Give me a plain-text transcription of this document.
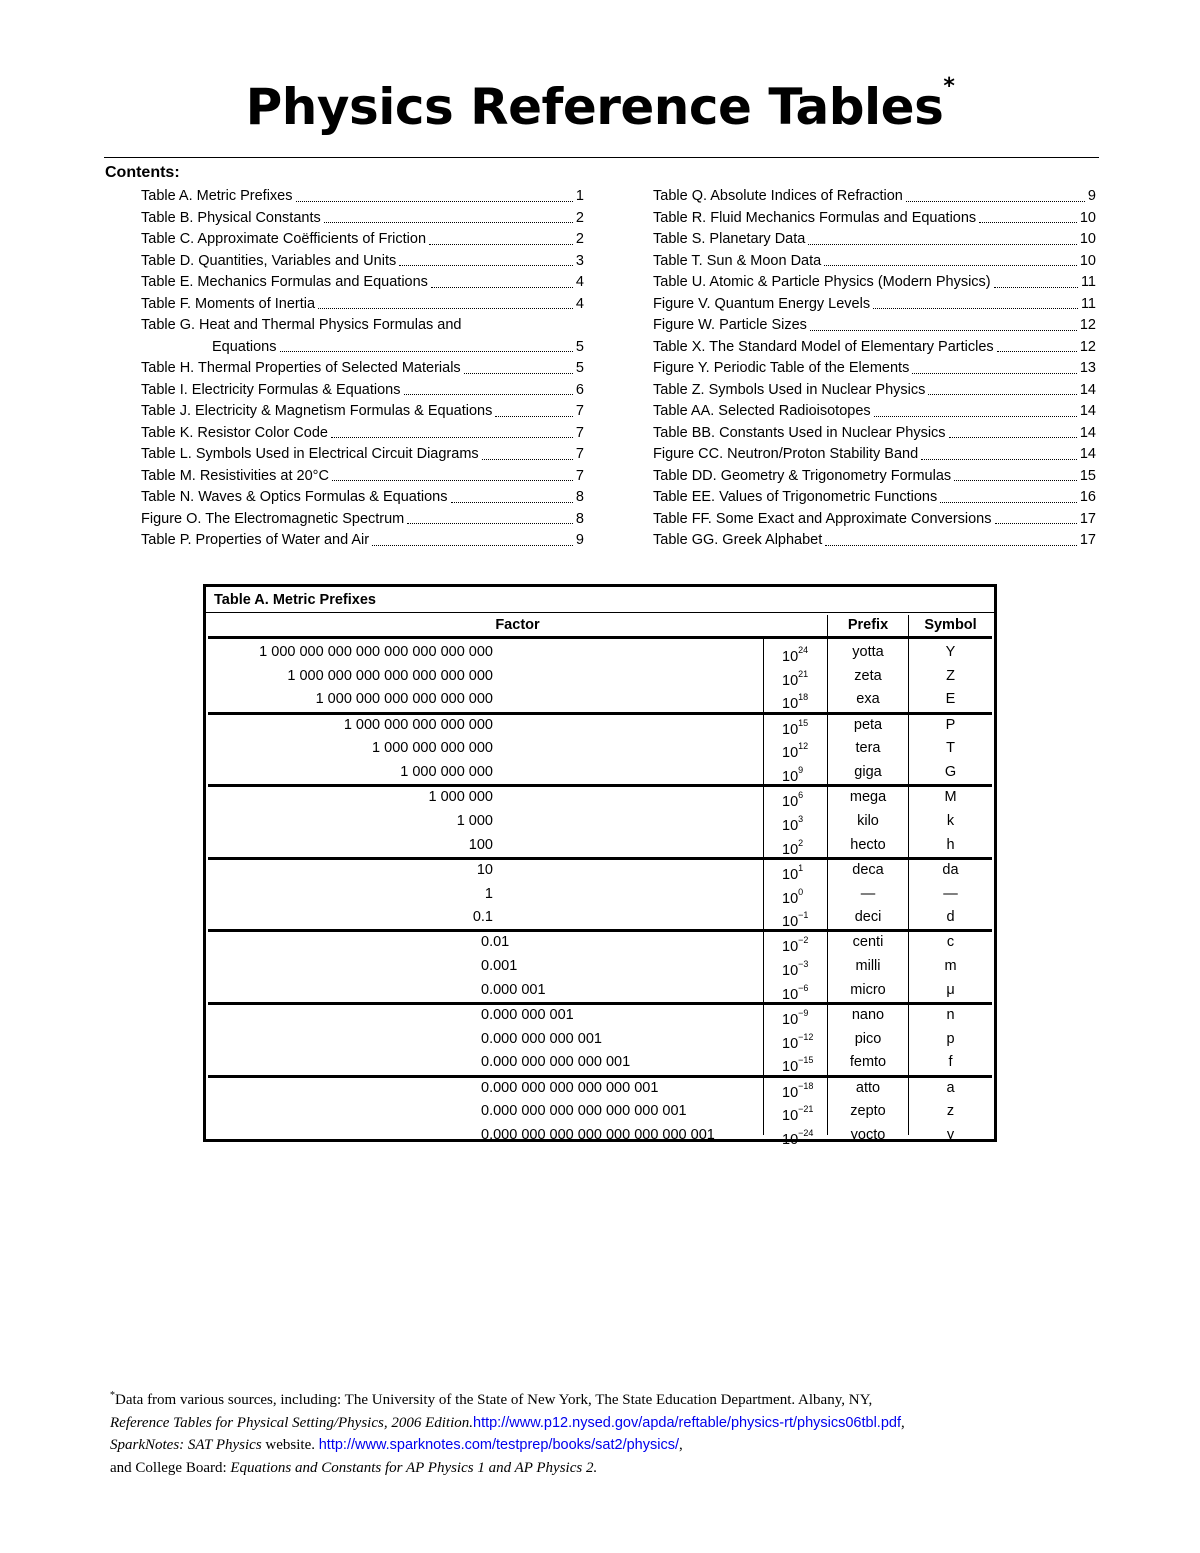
Physics Reference Tables*
Contents:
Table A. Metric Prefixes	1
Table B. Physical Constants	2
Table C. Approximate Coëfficients of Friction	2
Table D. Quantities, Variables and Units	3
Table E. Mechanics Formulas and Equations	4
Table F. Moments of Inertia	4
Table G. Heat and Thermal Physics Formulas and
Equations	5
Table H. Thermal Properties of Selected Materials	5
Table I. Electricity Formulas & Equations	6
Table J. Electricity & Magnetism Formulas & Equations	7
Table K. Resistor Color Code	7
Table L. Symbols Used in Electrical Circuit Diagrams	7
Table M. Resistivities at 20°C	7
Table N. Waves & Optics Formulas & Equations	8
Figure O. The Electromagnetic Spectrum	8
Table P. Properties of Water and Air	9
Table Q. Absolute Indices of Refraction	9
Table R. Fluid Mechanics Formulas and Equations	10
Table S. Planetary Data	10
Table T. Sun & Moon Data	10
Table U. Atomic & Particle Physics (Modern Physics)	11
Figure V. Quantum Energy Levels	11
Figure W. Particle Sizes	12
Table X. The Standard Model of Elementary Particles	12
Figure Y. Periodic Table of the Elements	13
Table Z. Symbols Used in Nuclear Physics	14
Table AA. Selected Radioisotopes	14
Table BB. Constants Used in Nuclear Physics	14
Figure CC. Neutron/Proton Stability Band	14
Table DD. Geometry & Trigonometry Formulas	15
Table EE. Values of Trigonometric Functions	16
Table FF. Some Exact and Approximate Conversions	17
Table GG. Greek Alphabet	17
Table A. Metric Prefixes
Factor	Prefix	Symbol
1 000 000 000 000 000 000 000 000	$10^{24}$	yotta	Y
1 000 000 000 000 000 000 000	$10^{21}$	zeta	Z
1 000 000 000 000 000 000	$10^{18}$	exa	E
1 000 000 000 000 000	$10^{15}$	peta	P
1 000 000 000 000	$10^{12}$	tera	T
1 000 000 000	$10^9$	giga	G
1 000 000	$10^6$	mega	M
1 000	$10^3$	kilo	k
100	$10^2$	hecto	h
10	$10^1$	deca	da
1	$10^0$	—	—
0.1	$10^{-1}$	deci	d
0.01	$10^{-2}$	centi	c
0.001	$10^{-3}$	milli	m
0.000 001	$10^{-6}$	micro	μ
0.000 000 001	$10^{-9}$	nano	n
0.000 000 000 001	$10^{-12}$	pico	p
0.000 000 000 000 001	$10^{-15}$	femto	f
0.000 000 000 000 000 001	$10^{-18}$	atto	a
0.000 000 000 000 000 000 001	$10^{-21}$	zepto	z
0.000 000 000 000 000 000 000 001	$10^{-24}$	yocto	y
*Data from various sources, including: The University of the State of New York, The State Education Department. Albany, NY,
Reference Tables for Physical Setting/Physics, 2006 Edition.http://www.p12.nysed.gov/apda/reftable/physics-rt/physics06tbl.pdf,
SparkNotes: SAT Physics website. http://www.sparknotes.com/testprep/books/sat2/physics/,
and College Board: Equations and Constants for AP Physics 1 and AP Physics 2.
